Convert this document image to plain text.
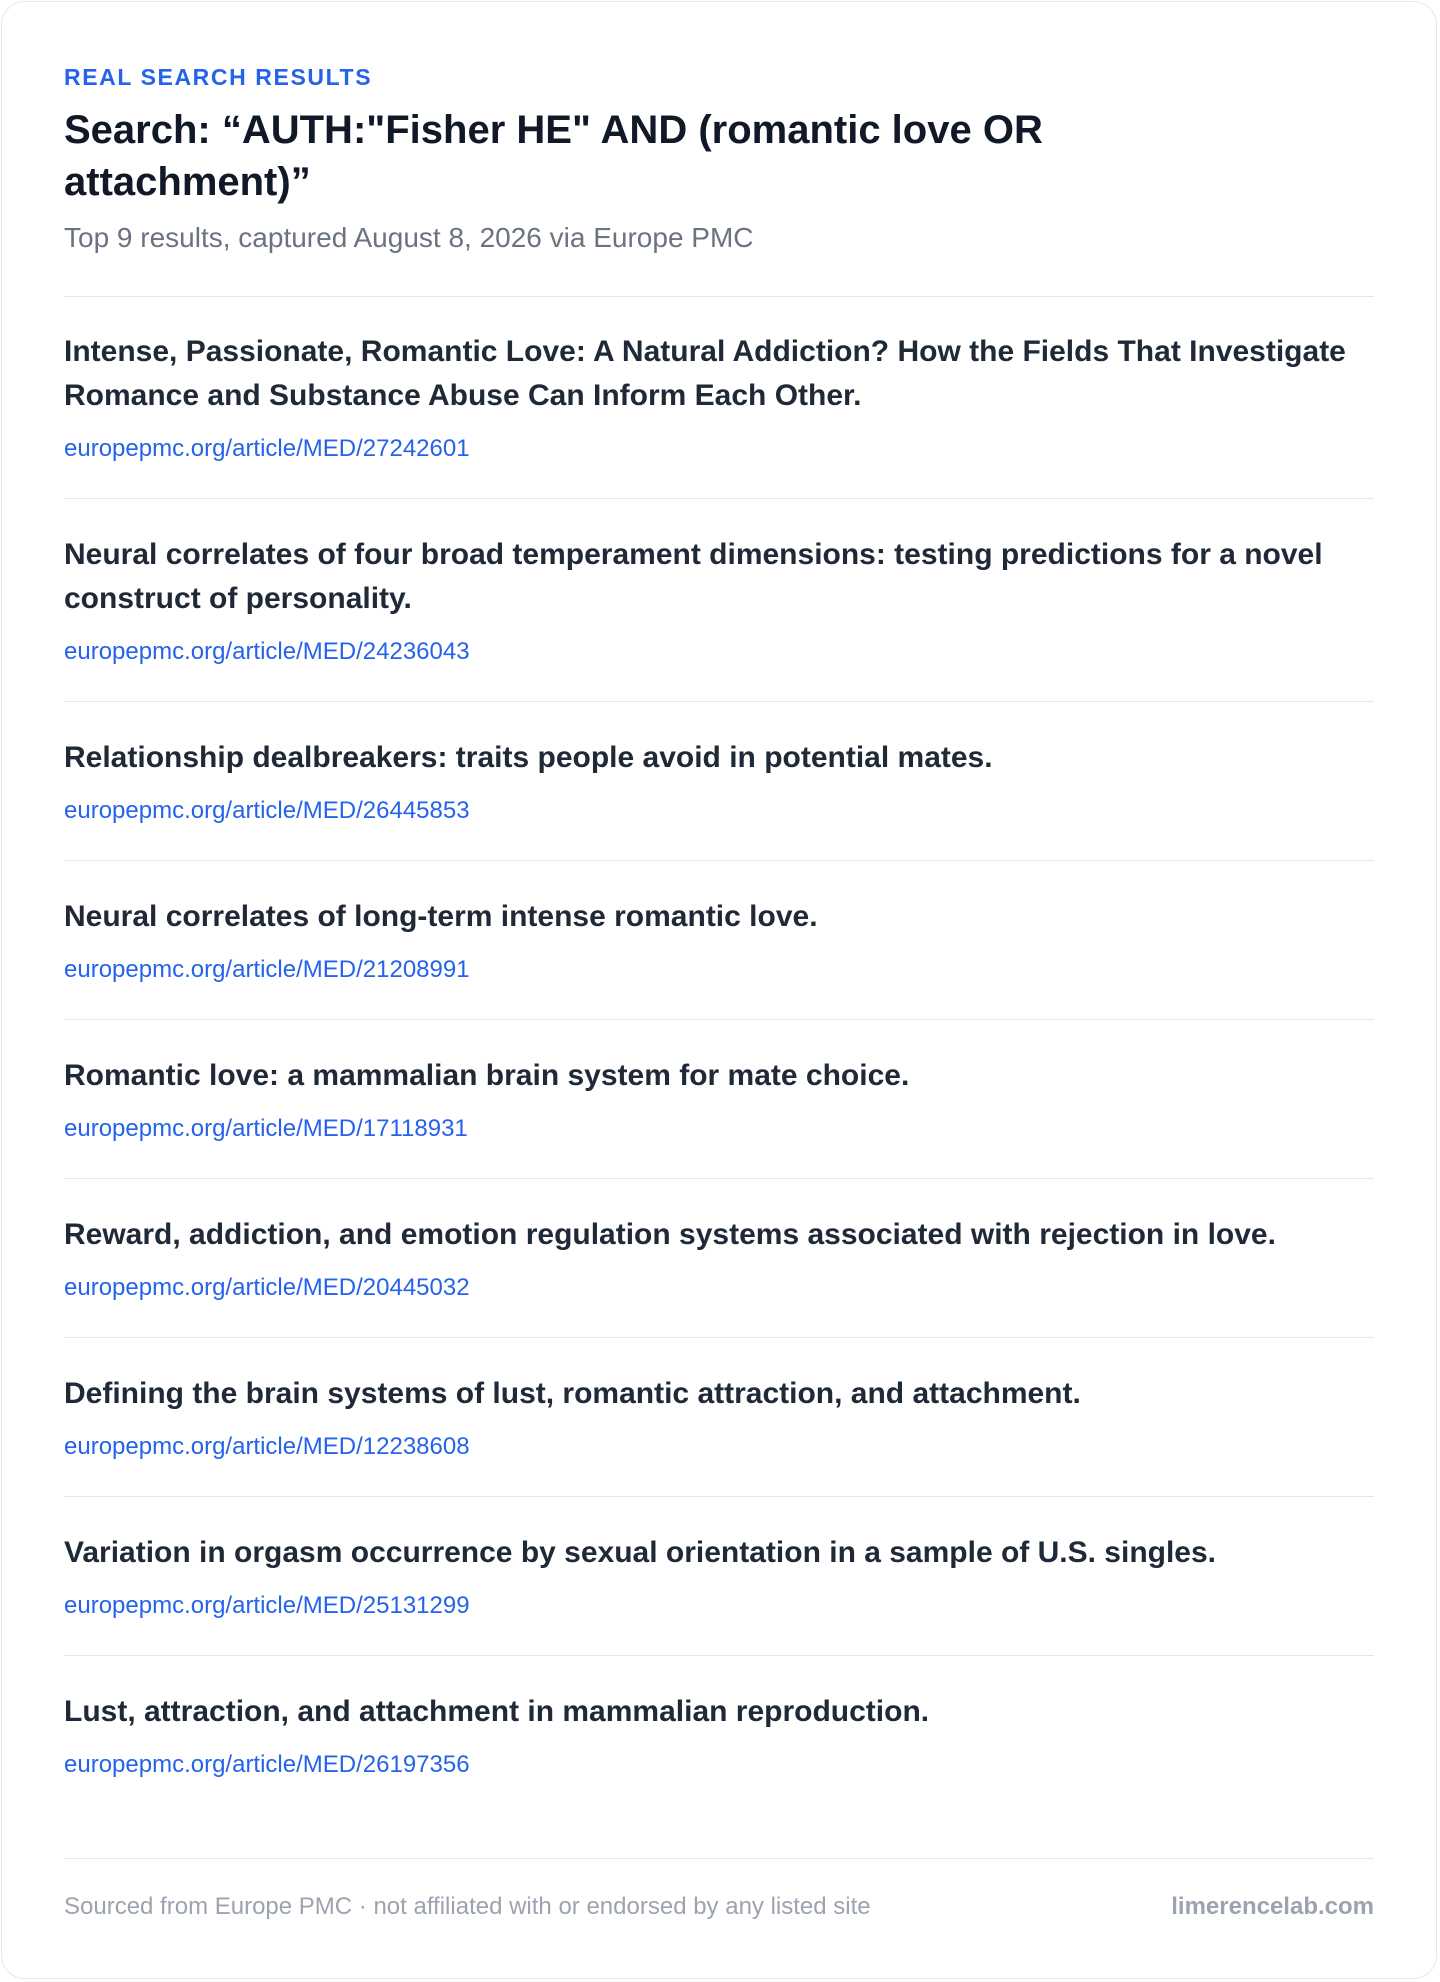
REAL SEARCH RESULTS
Search: “AUTH:"Fisher HE" AND (romantic love OR attachment)”
Top 9 results, captured August 8, 2026 via Europe PMC
Intense, Passionate, Romantic Love: A Natural Addiction? How the Fields That Investigate Romance and Substance Abuse Can Inform Each Other.
europepmc.org/article/MED/27242601
Neural correlates of four broad temperament dimensions: testing predictions for a novel construct of personality.
europepmc.org/article/MED/24236043
Relationship dealbreakers: traits people avoid in potential mates.
europepmc.org/article/MED/26445853
Neural correlates of long-term intense romantic love.
europepmc.org/article/MED/21208991
Romantic love: a mammalian brain system for mate choice.
europepmc.org/article/MED/17118931
Reward, addiction, and emotion regulation systems associated with rejection in love.
europepmc.org/article/MED/20445032
Defining the brain systems of lust, romantic attraction, and attachment.
europepmc.org/article/MED/12238608
Variation in orgasm occurrence by sexual orientation in a sample of U.S. singles.
europepmc.org/article/MED/25131299
Lust, attraction, and attachment in mammalian reproduction.
europepmc.org/article/MED/26197356
Sourced from Europe PMC · not affiliated with or endorsed by any listed site	limerencelab.com
